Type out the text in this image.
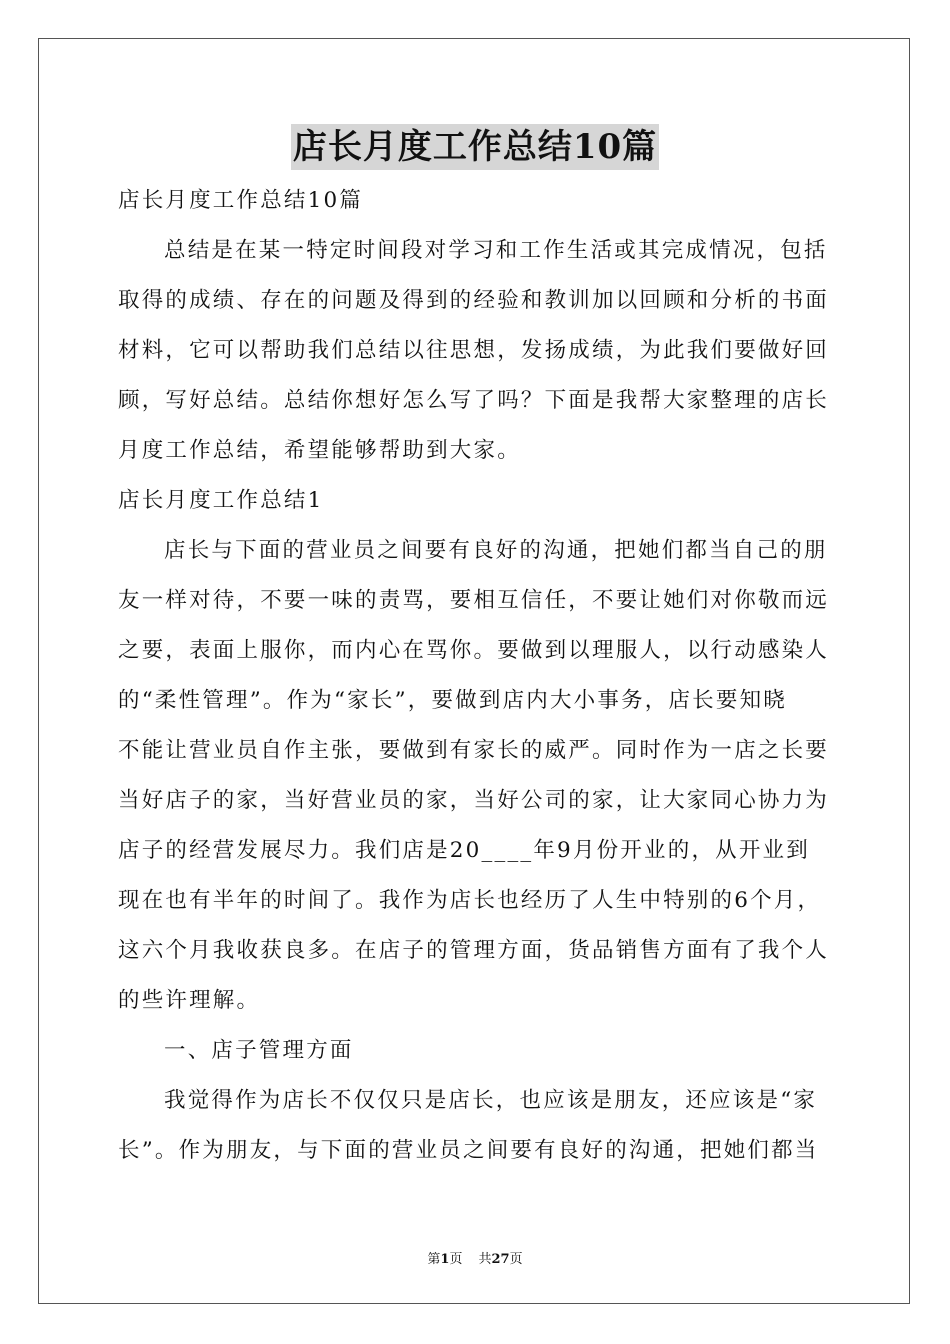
店长月度工作总结10篇
店长月度工作总结10篇
总结是在某一特定时间段对学习和工作生活或其完成情况，包括
取得的成绩、存在的问题及得到的经验和教训加以回顾和分析的书面
材料，它可以帮助我们总结以往思想，发扬成绩，为此我们要做好回
顾，写好总结。总结你想好怎么写了吗？下面是我帮大家整理的店长
月度工作总结，希望能够帮助到大家。
店长月度工作总结1
店长与下面的营业员之间要有良好的沟通，把她们都当自己的朋
友一样对待，不要一味的责骂，要相互信任，不要让她们对你敬而远
之要，表面上服你，而内心在骂你。要做到以理服人，以行动感染人
的“柔性管理”。作为“家长”，要做到店内大小事务，店长要知晓
不能让营业员自作主张，要做到有家长的威严。同时作为一店之长要
当好店子的家，当好营业员的家，当好公司的家，让大家同心协力为
店子的经营发展尽力。我们店是20____年9月份开业的，从开业到
现在也有半年的时间了。我作为店长也经历了人生中特别的6个月，
这六个月我收获良多。在店子的管理方面，货品销售方面有了我个人
的些许理解。
一、店子管理方面
我觉得作为店长不仅仅只是店长，也应该是朋友，还应该是“家
长”。作为朋友，与下面的营业员之间要有良好的沟通，把她们都当
第1页 共27页
